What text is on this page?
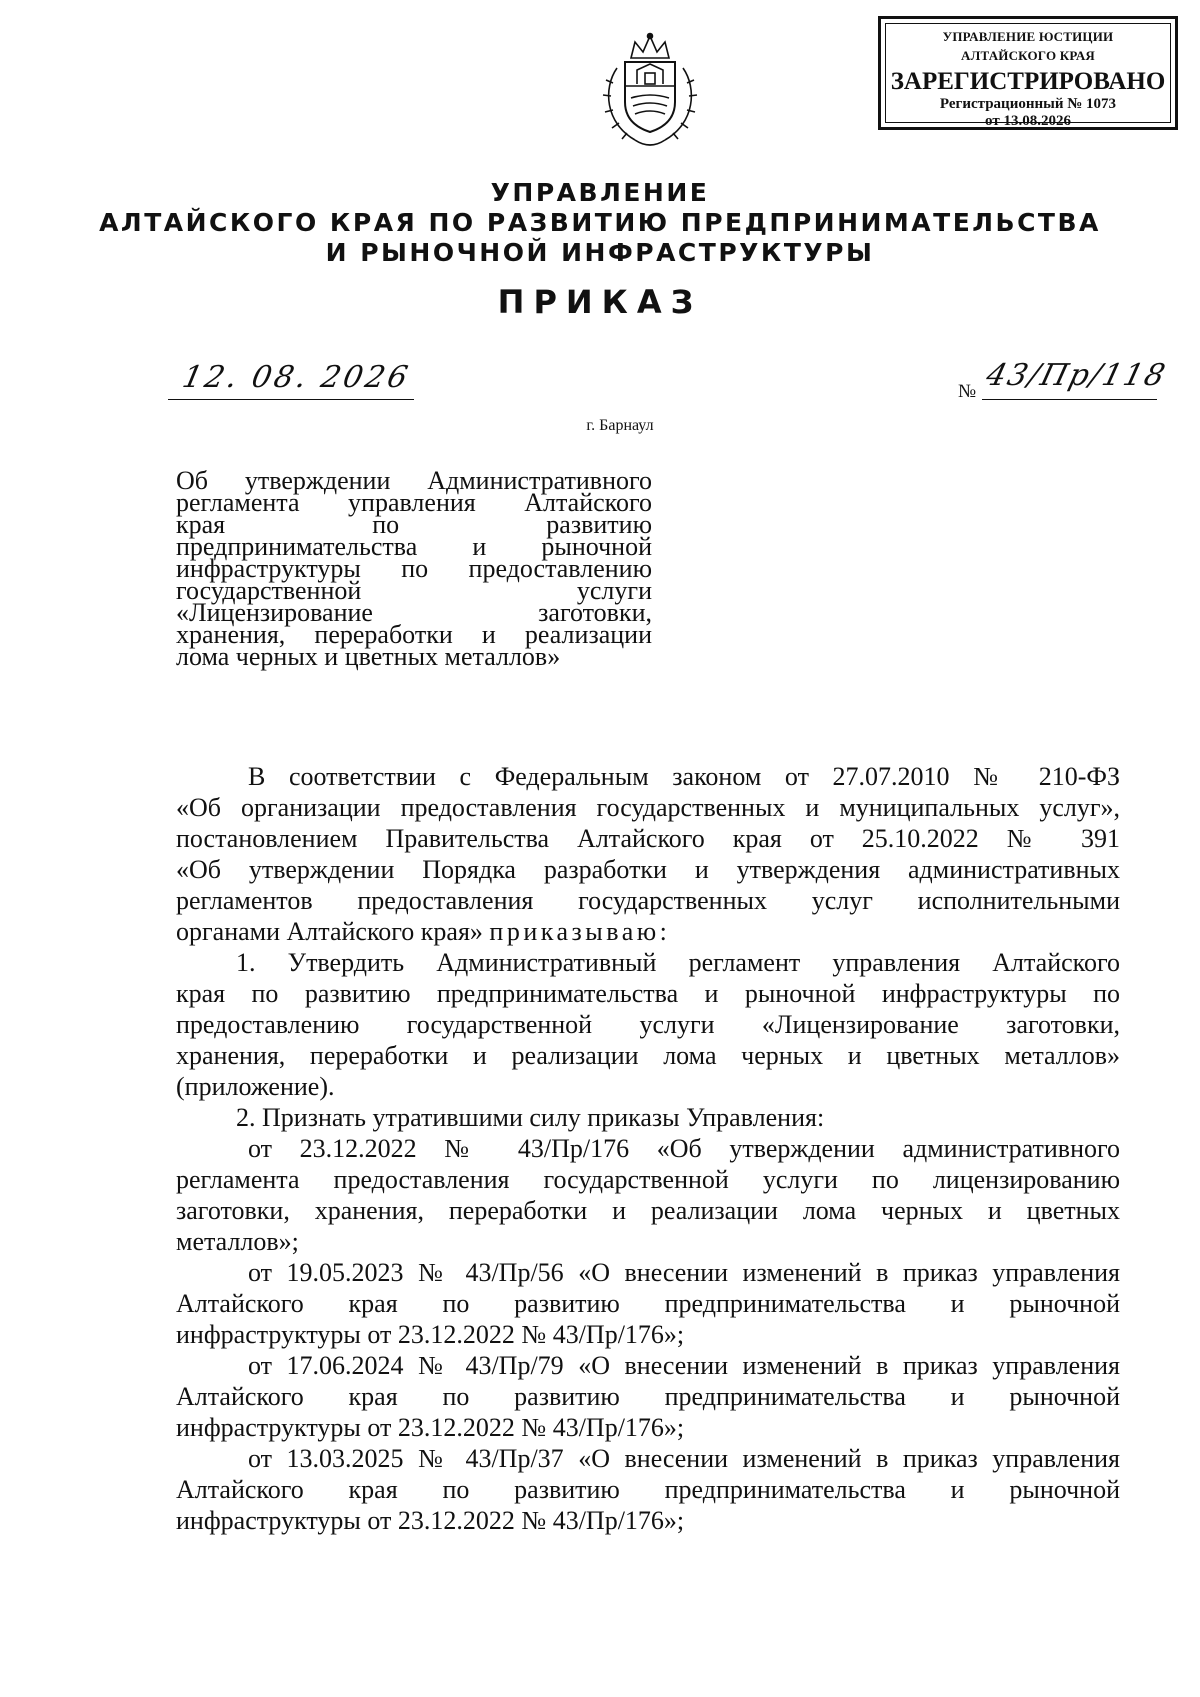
УПРАВЛЕНИЕ ЮСТИЦИИ
АЛТАЙСКОГО КРАЯ
ЗАРЕГИСТРИРОВАНО
Регистрационный № 1073
от 13.08.2026
УПРАВЛЕНИЕ
АЛТАЙСКОГО КРАЯ ПО РАЗВИТИЮ ПРЕДПРИНИМАТЕЛЬСТВА
И РЫНОЧНОЙ ИНФРАСТРУКТУРЫ
ПРИКАЗ
12. 08. 2026	№ 43/Пр/118
г. Барнаул
Об утверждении Административного
регламента управления Алтайского
края по развитию
предпринимательства и рыночной
инфраструктуры по предоставлению
государственной услуги
«Лицензирование заготовки,
хранения, переработки и реализации
лома черных и цветных металлов»
В соответствии с Федеральным законом от 27.07.2010 № 210-ФЗ
«Об организации предоставления государственных и муниципальных услуг»,
постановлением Правительства Алтайского края от 25.10.2022 № 391
«Об утверждении Порядка разработки и утверждения административных
регламентов предоставления государственных услуг исполнительными
органами Алтайского края» приказываю:
1. Утвердить Административный регламент управления Алтайского
края по развитию предпринимательства и рыночной инфраструктуры по
предоставлению государственной услуги «Лицензирование заготовки,
хранения, переработки и реализации лома черных и цветных металлов»
(приложение).
2. Признать утратившими силу приказы Управления:
от 23.12.2022 № 43/Пр/176 «Об утверждении административного
регламента предоставления государственной услуги по лицензированию
заготовки, хранения, переработки и реализации лома черных и цветных
металлов»;
от 19.05.2023 № 43/Пр/56 «О внесении изменений в приказ управления
Алтайского края по развитию предпринимательства и рыночной
инфраструктуры от 23.12.2022 № 43/Пр/176»;
от 17.06.2024 № 43/Пр/79 «О внесении изменений в приказ управления
Алтайского края по развитию предпринимательства и рыночной
инфраструктуры от 23.12.2022 № 43/Пр/176»;
от 13.03.2025 № 43/Пр/37 «О внесении изменений в приказ управления
Алтайского края по развитию предпринимательства и рыночной
инфраструктуры от 23.12.2022 № 43/Пр/176»;
